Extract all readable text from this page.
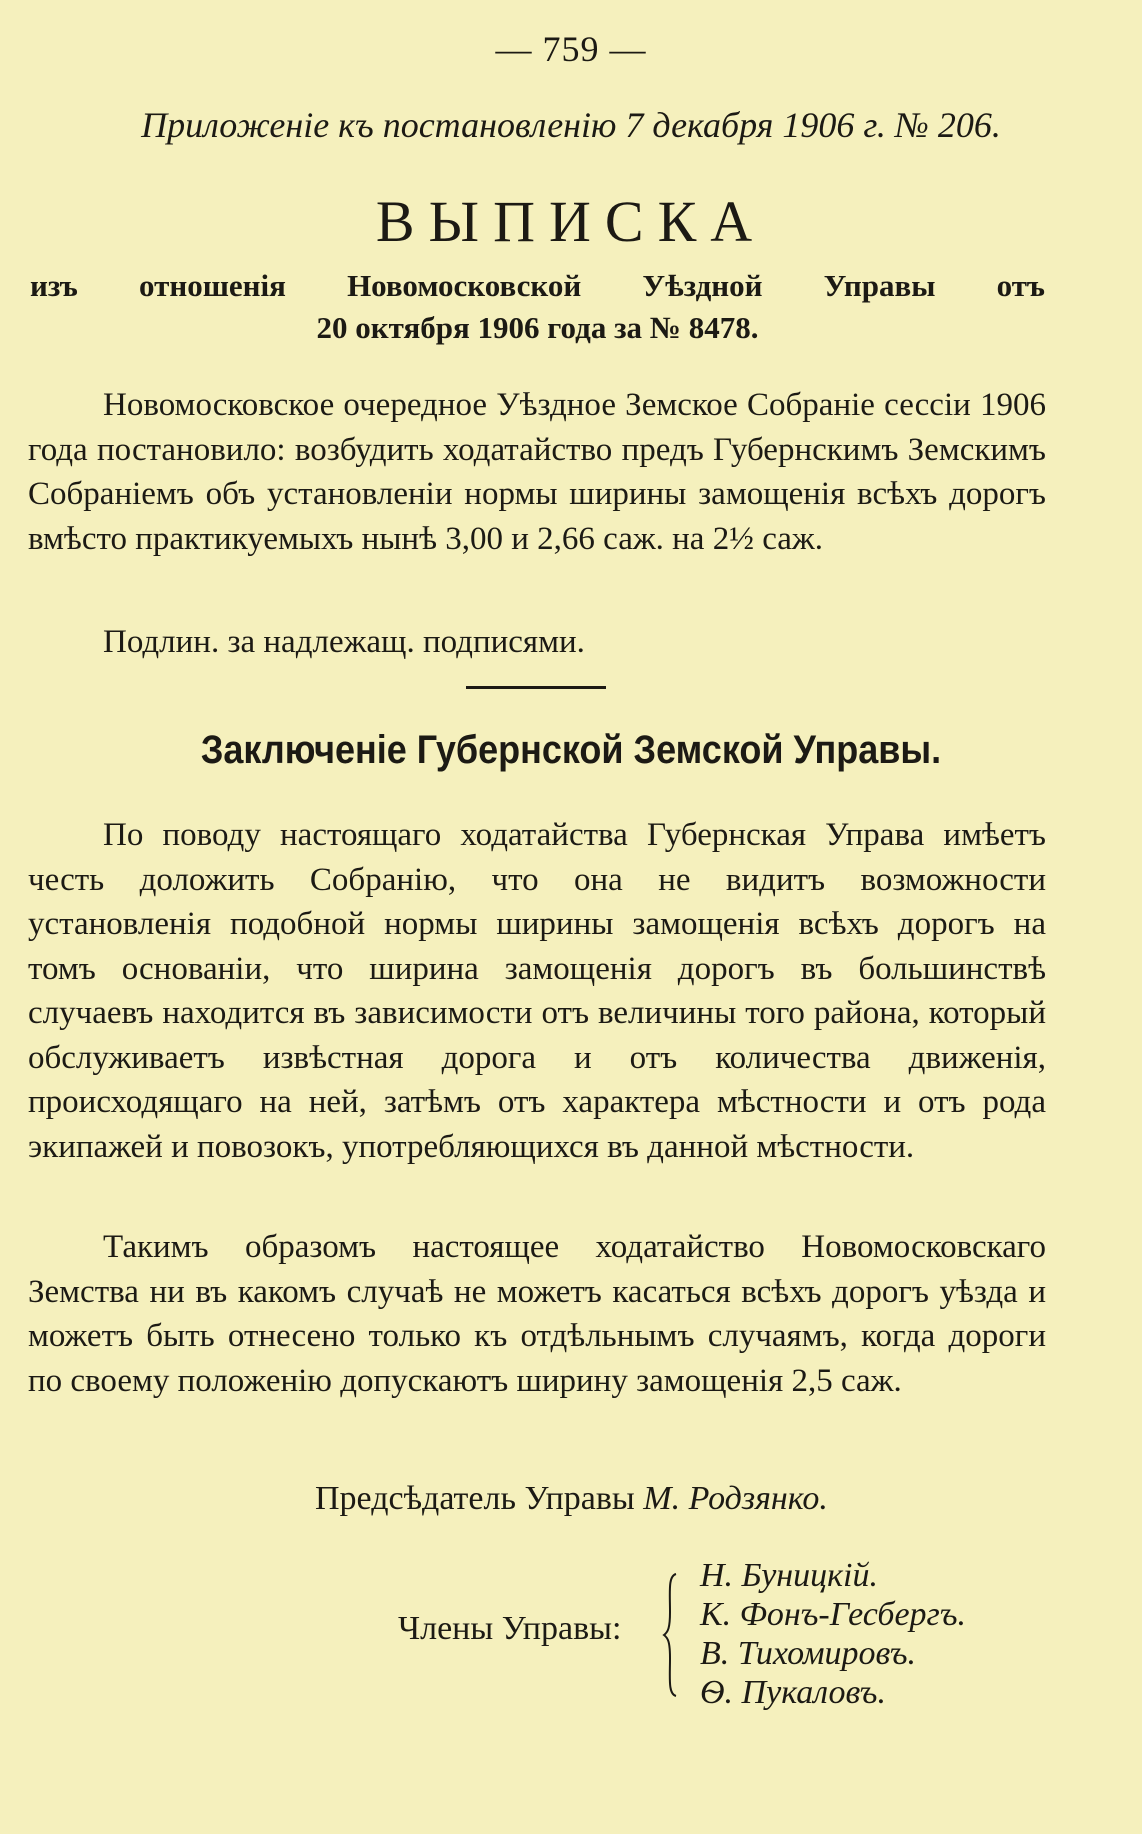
— 759 —
Приложеніе къ постановленію 7 декабря 1906 г. № 206.
ВЫПИСКА
изъ отношенія Новомосковской Уѣздной Управы отъ
20 октября 1906 года за № 8478.

Новомосковское очередное Уѣздное Земское Собраніе сессіи 1906 года постановило: возбудить ходатайство предъ Губернскимъ Земскимъ Собраніемъ объ установленіи нормы ширины замощенія всѣхъ дорогъ вмѣсто практикуемыхъ нынѣ 3,00 и 2,66 саж. на 2½ саж.

Подлин. за надлежащ. подписями.

Заключеніе Губернской Земской Управы.

По поводу настоящаго ходатайства Губернская Управа имѣетъ честь доложить Собранію, что она не видитъ возможности установленія подобной нормы ширины замощенія всѣхъ дорогъ на томъ основаніи, что ширина замощенія дорогъ въ большинствѣ случаевъ находится въ зависимости отъ величины того района, который обслуживаетъ извѣстная дорога и отъ количества движенія, происходящаго на ней, затѣмъ отъ характера мѣстности и отъ рода экипажей и повозокъ, употребляющихся въ данной мѣстности.

Такимъ образомъ настоящее ходатайство Новомосковскаго Земства ни въ какомъ случаѣ не можетъ касаться всѣхъ дорогъ уѣзда и можетъ быть отнесено только къ отдѣльнымъ случаямъ, когда дороги по своему положенію допускаютъ ширину замощенія 2,5 саж.

Предсѣдатель Управы М. Родзянко.
Члены Управы:
Н. Буницкій.
К. Фонъ-Гесбергъ.
В. Тихомировъ.
Ѳ. Пукаловъ.
